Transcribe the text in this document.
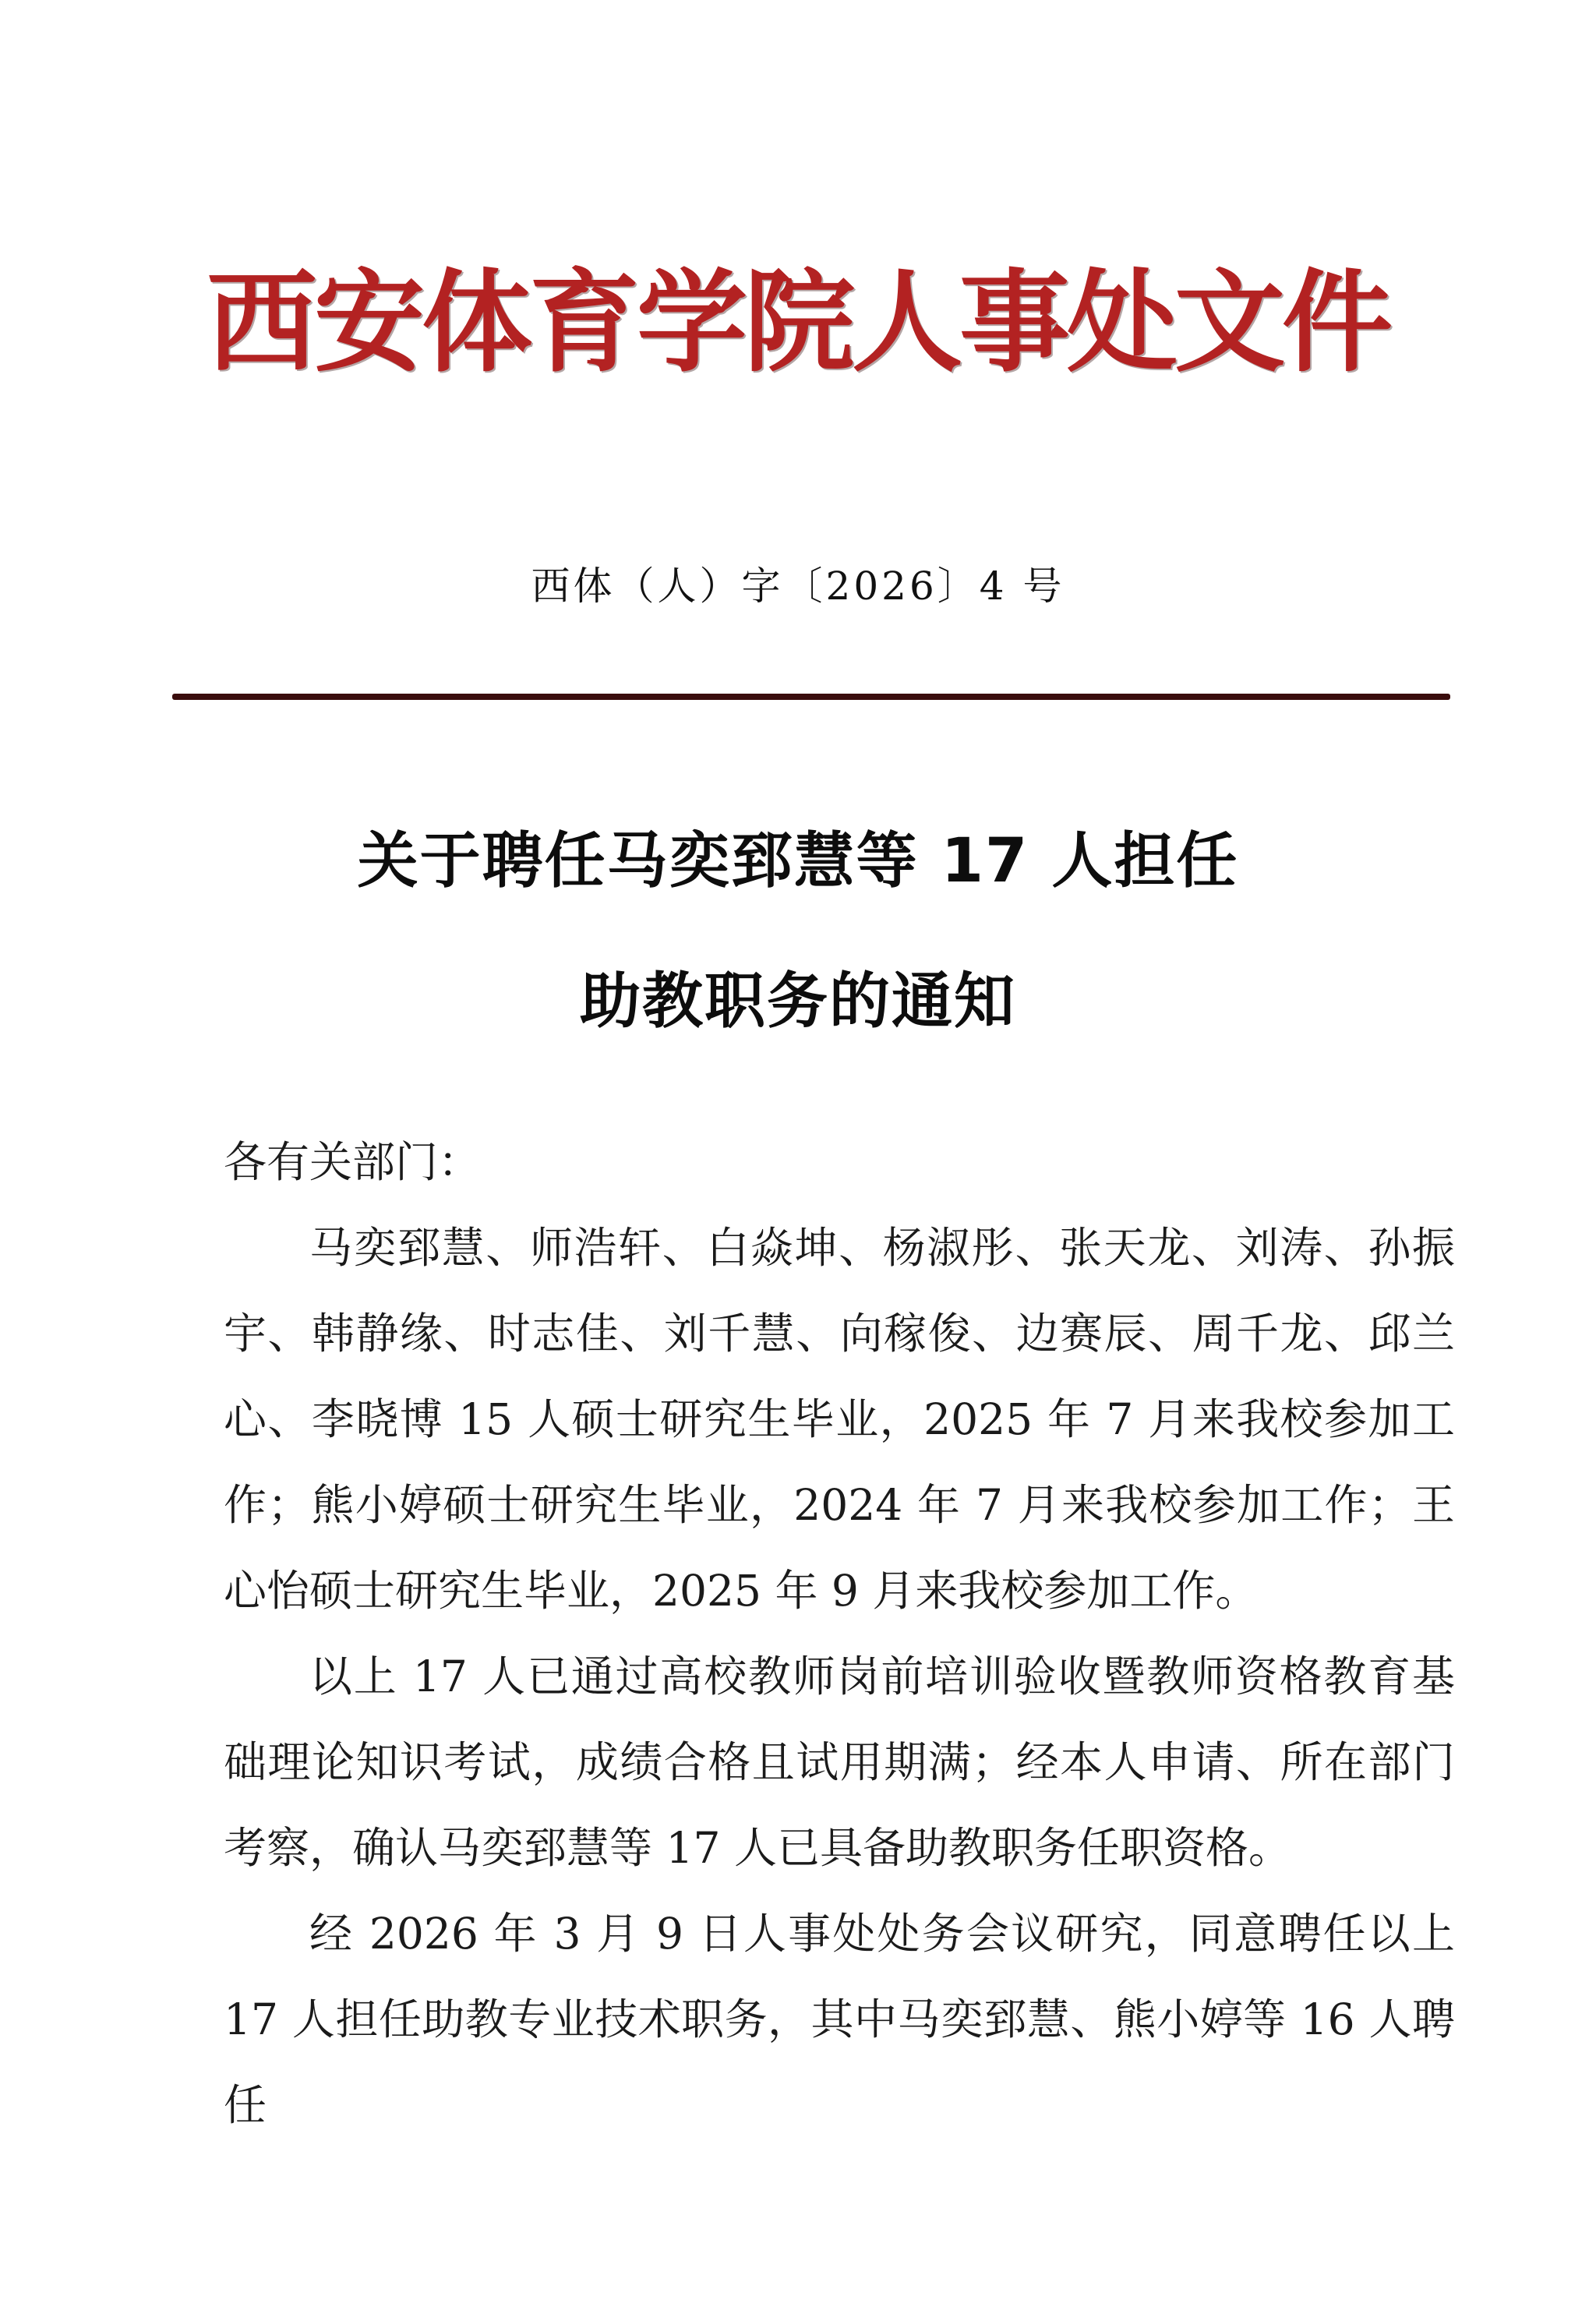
西安体育学院人事处文件
西体（人）字〔2026〕4 号
关于聘任马奕郅慧等 17 人担任
助教职务的通知

各有关部门：

马奕郅慧、师浩轩、白焱坤、杨淑彤、张天龙、刘涛、孙振宇、韩静缘、时志佳、刘千慧、向稼俊、边赛辰、周千龙、邱兰心、李晓博 15 人硕士研究生毕业，2025 年 7 月来我校参加工作；熊小婷硕士研究生毕业，2024 年 7 月来我校参加工作；王心怡硕士研究生毕业，2025 年 9 月来我校参加工作。

以上 17 人已通过高校教师岗前培训验收暨教师资格教育基础理论知识考试，成绩合格且试用期满；经本人申请、所在部门考察，确认马奕郅慧等 17 人已具备助教职务任职资格。

经 2026 年 3 月 9 日人事处处务会议研究，同意聘任以上 17 人担任助教专业技术职务，其中马奕郅慧、熊小婷等 16 人聘任
